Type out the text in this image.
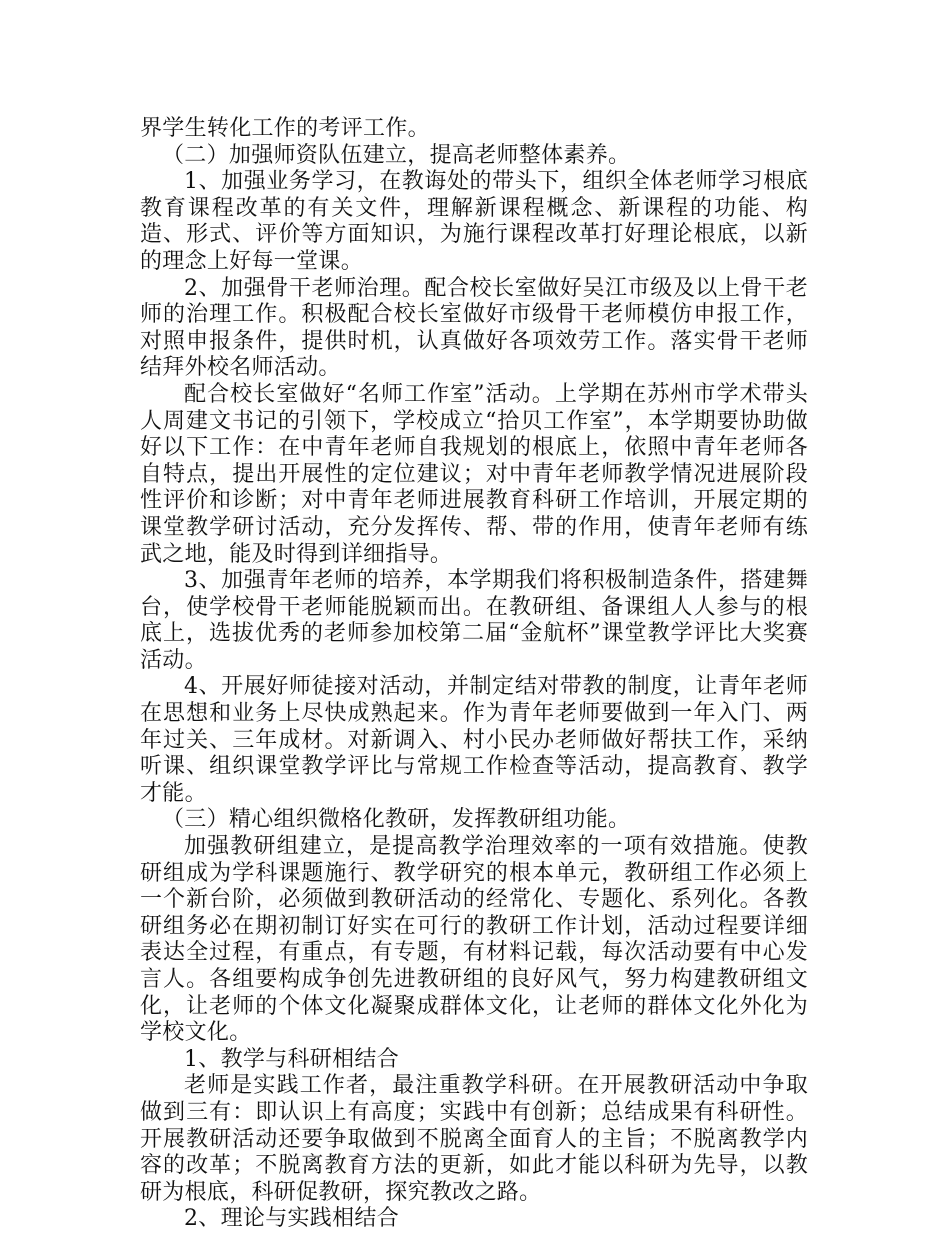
界学生转化工作的考评工作。

（二）加强师资队伍建立，提高老师整体素养。

1、加强业务学习，在教诲处的带头下，组织全体老师学习根底教育课程改革的有关文件，理解新课程概念、新课程的功能、构造、形式、评价等方面知识，为施行课程改革打好理论根底，以新的理念上好每一堂课。

2、加强骨干老师治理。配合校长室做好吴江市级及以上骨干老师的治理工作。积极配合校长室做好市级骨干老师模仿申报工作，对照申报条件，提供时机，认真做好各项效劳工作。落实骨干老师结拜外校名师活动。

配合校长室做好“名师工作室”活动。上学期在苏州市学术带头人周建文书记的引领下，学校成立“拾贝工作室”，本学期要协助做好以下工作：在中青年老师自我规划的根底上，依照中青年老师各自特点，提出开展性的定位建议；对中青年老师教学情况进展阶段性评价和诊断；对中青年老师进展教育科研工作培训，开展定期的课堂教学研讨活动，充分发挥传、帮、带的作用，使青年老师有练武之地，能及时得到详细指导。

3、加强青年老师的培养，本学期我们将积极制造条件，搭建舞台，使学校骨干老师能脱颖而出。在教研组、备课组人人参与的根底上，选拔优秀的老师参加校第二届“金航杯”课堂教学评比大奖赛活动。

4、开展好师徒接对活动，并制定结对带教的制度，让青年老师在思想和业务上尽快成熟起来。作为青年老师要做到一年入门、两年过关、三年成材。对新调入、村小民办老师做好帮扶工作，采纳听课、组织课堂教学评比与常规工作检查等活动，提高教育、教学才能。

（三）精心组织微格化教研，发挥教研组功能。

加强教研组建立，是提高教学治理效率的一项有效措施。使教研组成为学科课题施行、教学研究的根本单元，教研组工作必须上一个新台阶，必须做到教研活动的经常化、专题化、系列化。各教研组务必在期初制订好实在可行的教研工作计划，活动过程要详细表达全过程，有重点，有专题，有材料记载，每次活动要有中心发言人。各组要构成争创先进教研组的良好风气，努力构建教研组文化，让老师的个体文化凝聚成群体文化，让老师的群体文化外化为学校文化。

1、教学与科研相结合

老师是实践工作者，最注重教学科研。在开展教研活动中争取做到三有：即认识上有高度；实践中有创新；总结成果有科研性。开展教研活动还要争取做到不脱离全面育人的主旨；不脱离教学内容的改革；不脱离教育方法的更新，如此才能以科研为先导，以教研为根底，科研促教研，探究教改之路。

2、理论与实践相结合
